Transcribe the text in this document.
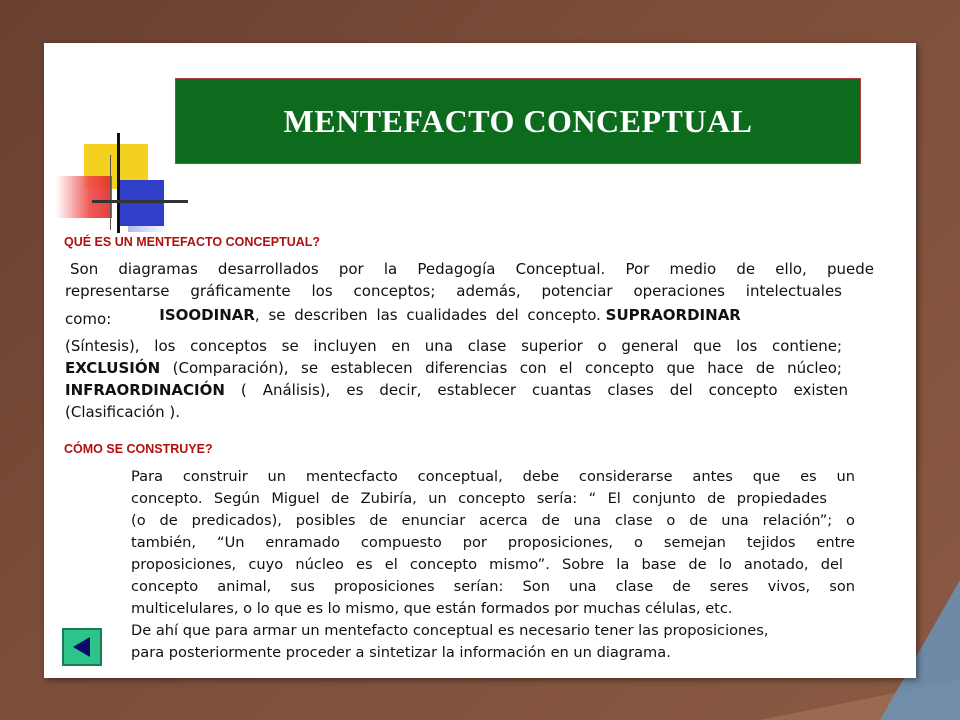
MENTEFACTO CONCEPTUAL
QUÉ ES UN MENTEFACTO CONCEPTUAL?
Son diagramas desarrollados por la Pedagogía Conceptual. Por medio de ello, puede
representarse gráficamente los conceptos; además, potenciar operaciones intelectuales
como:	ISOODINAR, se describen las cualidades del concepto. SUPRAORDINAR
(Síntesis), los conceptos se incluyen en una clase superior o general que los contiene;
EXCLUSIÓN (Comparación), se establecen diferencias con el concepto que hace de núcleo;
INFRAORDINACIÓN ( Análisis), es decir, establecer cuantas clases del concepto existen
(Clasificación ).
CÓMO SE CONSTRUYE?
Para construir un mentecfacto conceptual, debe considerarse antes que es un
concepto. Según Miguel de Zubiría, un concepto sería: “ El conjunto de propiedades
(o de predicados), posibles de enunciar acerca de una clase o de una relación”; o
también, “Un enramado compuesto por proposiciones, o semejan tejidos entre
proposiciones, cuyo núcleo es el concepto mismo”. Sobre la base de lo anotado, del
concepto animal, sus proposiciones serían: Son una clase de seres vivos, son
multicelulares, o lo que es lo mismo, que están formados por muchas células, etc.
De ahí que para armar un mentefacto conceptual es necesario tener las proposiciones,
para posteriormente proceder a sintetizar la información en un diagrama.
